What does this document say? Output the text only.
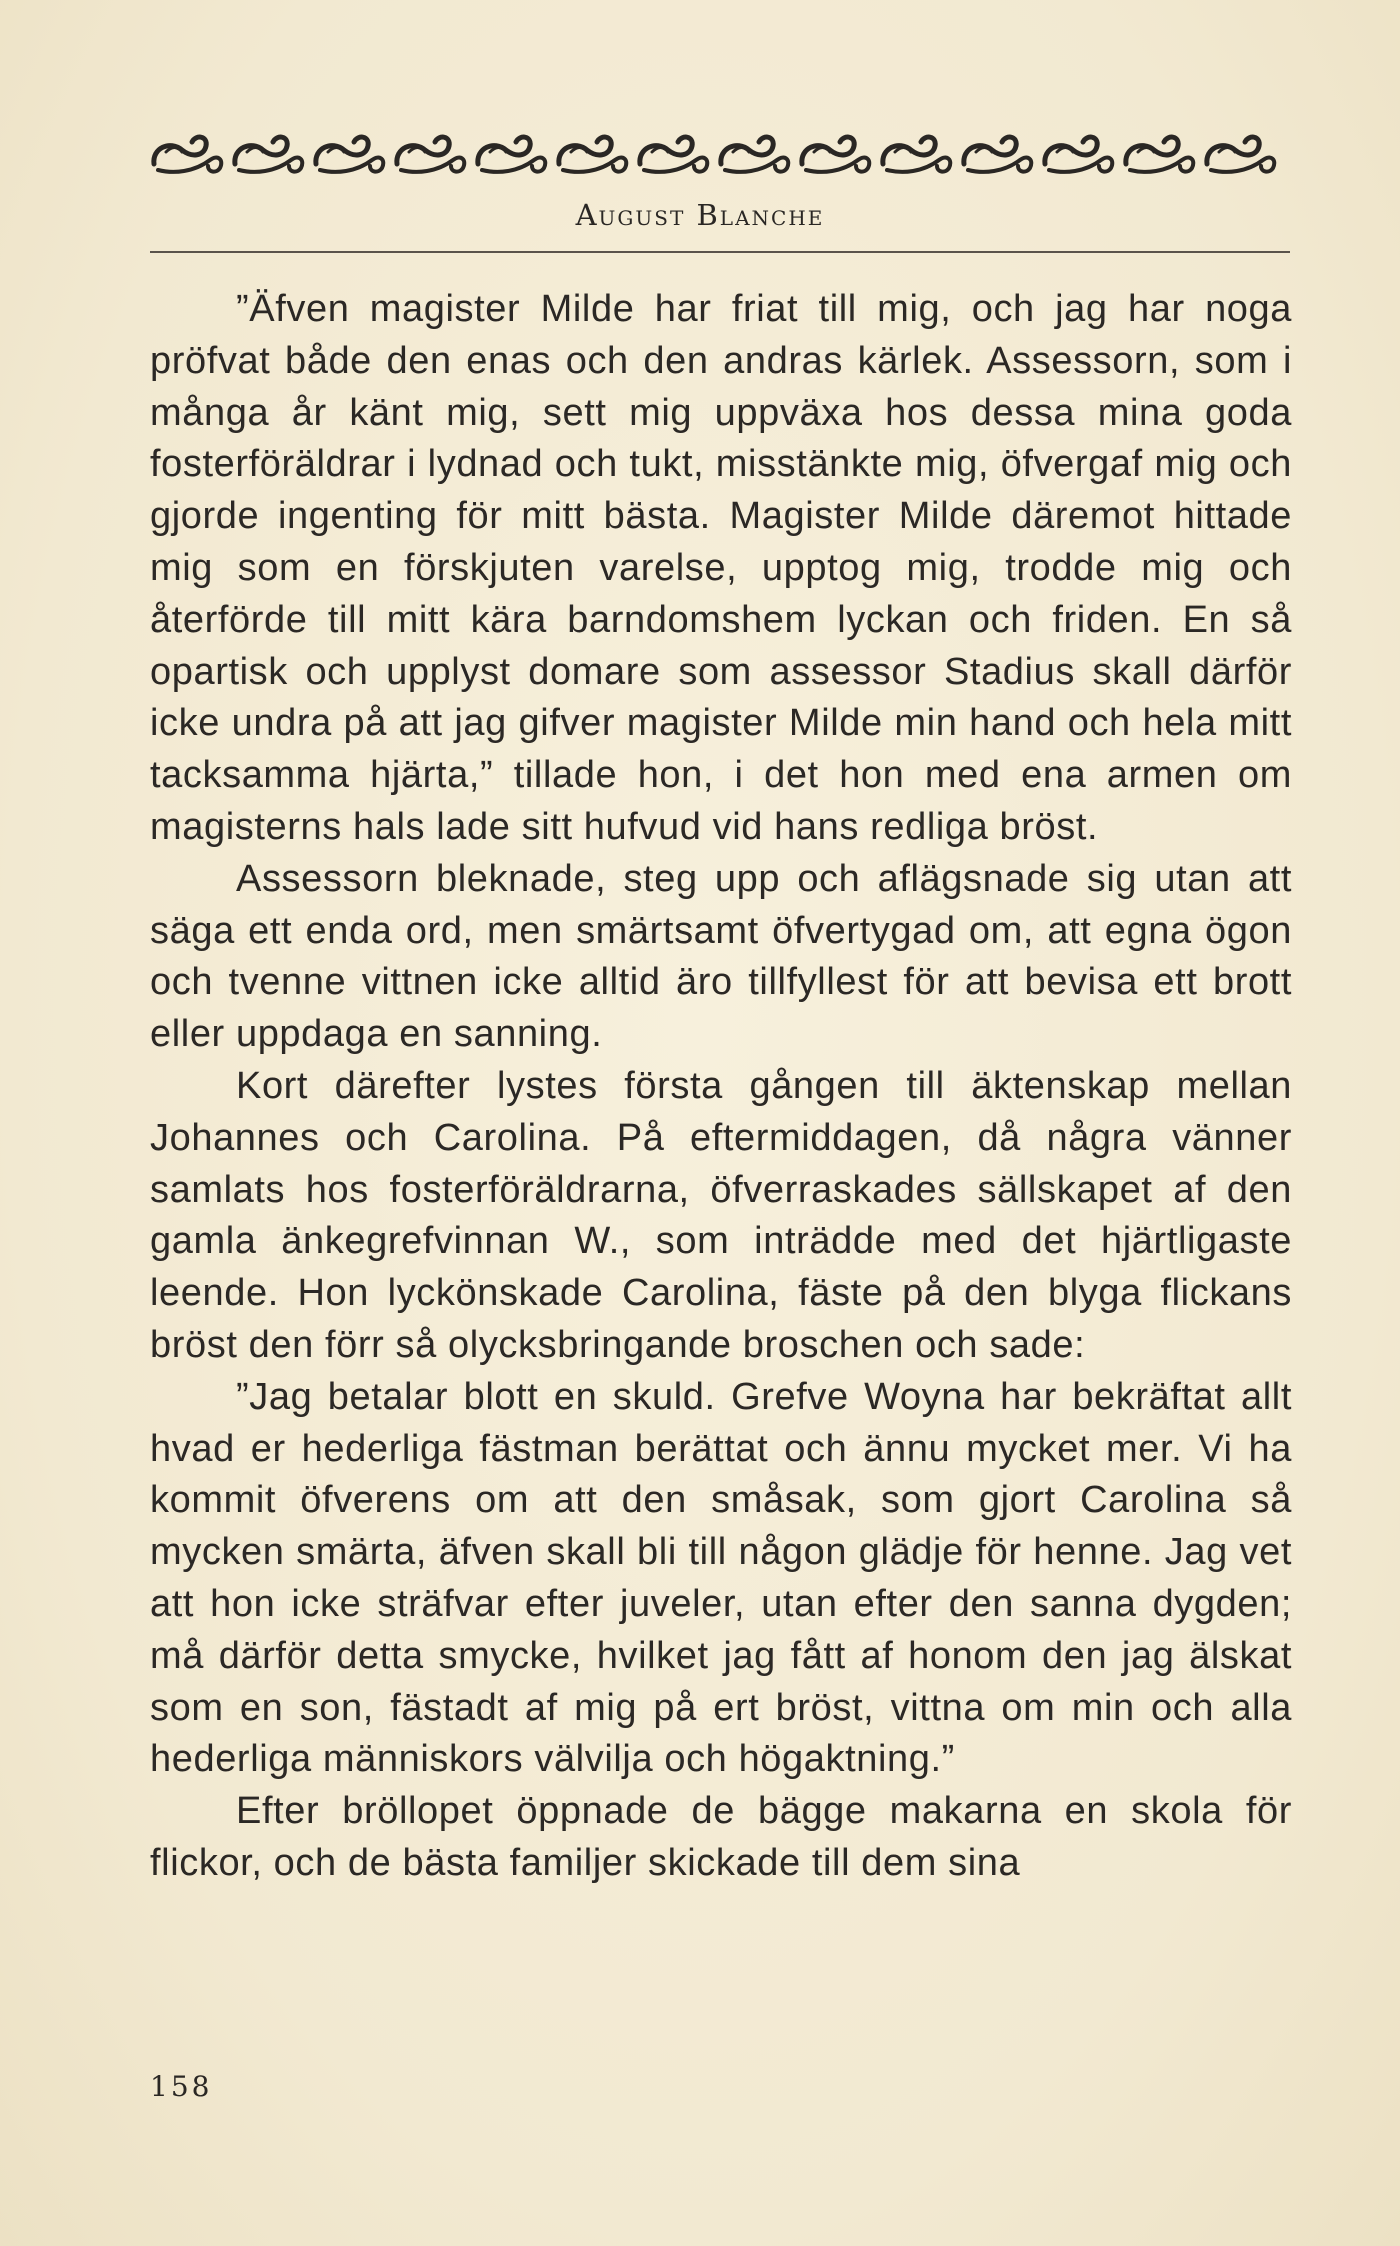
August Blanche

”Äfven magister Milde har friat till mig, och jag har noga pröfvat både den enas och den andras kärlek. Assessorn, som i många år känt mig, sett mig uppväxa hos dessa mina goda fosterföräldrar i lydnad och tukt, misstänkte mig, öfvergaf mig och gjorde ingenting för mitt bästa. Magister Milde däremot hittade mig som en förskjuten varelse, upptog mig, trodde mig och återförde till mitt kära barndomshem lyckan och friden. En så opartisk och upplyst domare som assessor Stadius skall därför icke undra på att jag gifver magister Milde min hand och hela mitt tacksamma hjärta,” tillade hon, i det hon med ena armen om magisterns hals lade sitt hufvud vid hans redliga bröst.

Assessorn bleknade, steg upp och aflägsnade sig utan att säga ett enda ord, men smärtsamt öfvertygad om, att egna ögon och tvenne vittnen icke alltid äro tillfyllest för att bevisa ett brott eller uppdaga en sanning.

Kort därefter lystes första gången till äktenskap mellan Johannes och Carolina. På eftermiddagen, då några vänner samlats hos fosterföräldrarna, öfverraskades sällskapet af den gamla änkegrefvinnan W., som inträdde med det hjärtligaste leende. Hon lyckönskade Carolina, fäste på den blyga flickans bröst den förr så olycksbringande broschen och sade:

”Jag betalar blott en skuld. Grefve Woyna har bekräftat allt hvad er hederliga fästman berättat och ännu mycket mer. Vi ha kommit öfverens om att den småsak, som gjort Carolina så mycken smärta, äfven skall bli till någon glädje för henne. Jag vet att hon icke sträfvar efter juveler, utan efter den sanna dygden; må därför detta smycke, hvilket jag fått af honom den jag älskat som en son, fästadt af mig på ert bröst, vittna om min och alla hederliga människors välvilja och högaktning.”

Efter bröllopet öppnade de bägge makarna en skola för flickor, och de bästa familjer skickade till dem sina

158
